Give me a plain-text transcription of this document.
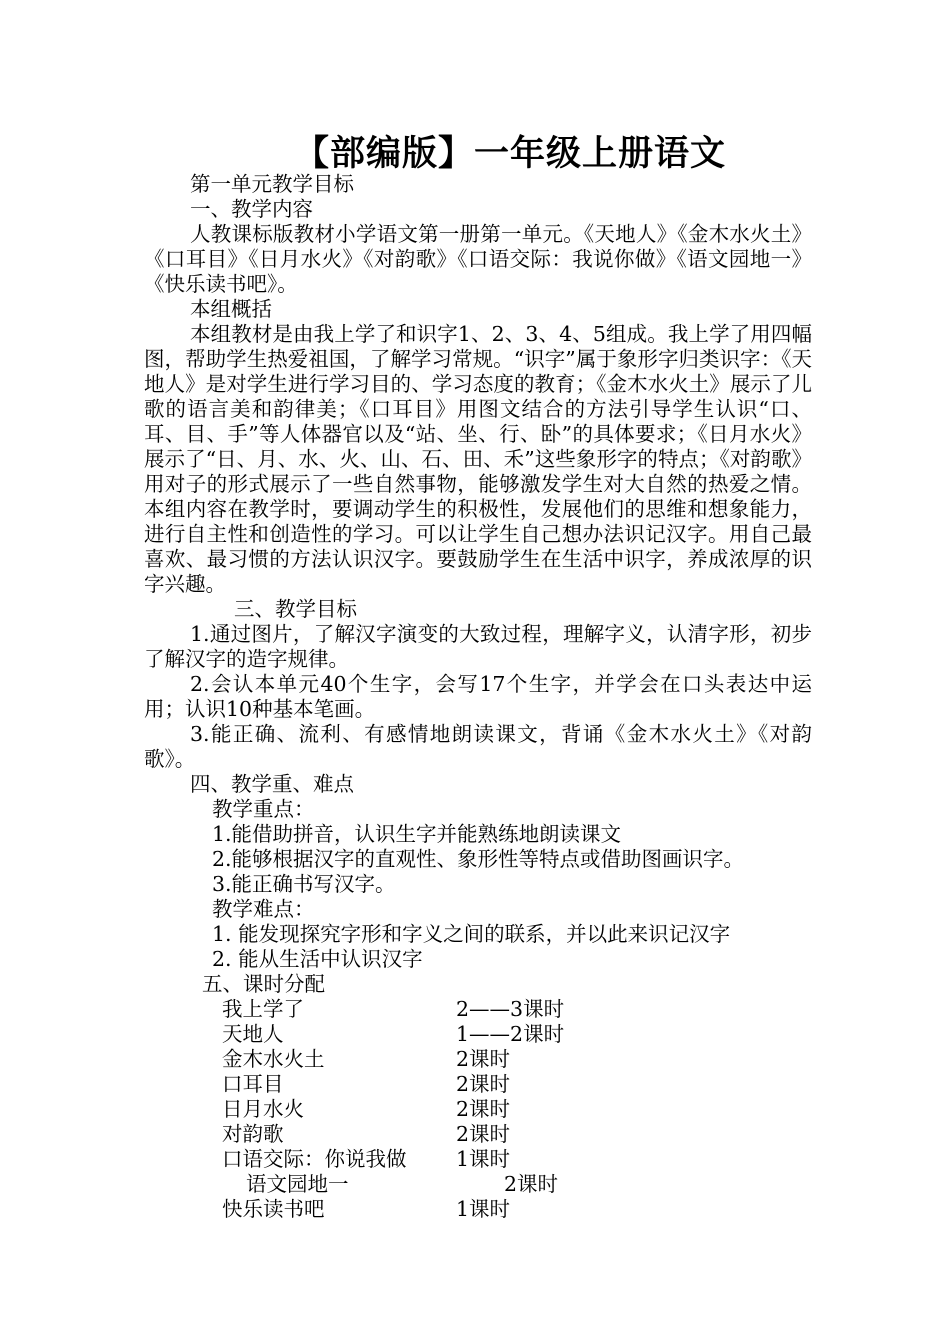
【部编版】一年级上册语文

第一单元教学目标

一、教学内容

人教课标版教材小学语文第一册第一单元。《天地人》《金木水火土》《口耳目》《日月水火》《对韵歌》《口语交际：我说你做》《语文园地一》《快乐读书吧》。

本组概括

本组教材是由我上学了和识字1、2、3、4、5组成。我上学了用四幅图，帮助学生热爱祖国，了解学习常规。“识字”属于象形字归类识字：《天地人》是对学生进行学习目的、学习态度的教育；《金木水火土》展示了儿歌的语言美和韵律美；《口耳目》用图文结合的方法引导学生认识“口、耳、目、手”等人体器官以及“站、坐、行、卧”的具体要求；《日月水火》展示了“日、月、水、火、山、石、田、禾”这些象形字的特点；《对韵歌》用对子的形式展示了一些自然事物，能够激发学生对大自然的热爱之情。本组内容在教学时，要调动学生的积极性，发展他们的思维和想象能力，进行自主性和创造性的学习。可以让学生自己想办法识记汉字。用自己最喜欢、最习惯的方法认识汉字。要鼓励学生在生活中识字，养成浓厚的识字兴趣。

三、教学目标

1.通过图片，了解汉字演变的大致过程，理解字义，认清字形，初步了解汉字的造字规律。

2.会认本单元40个生字，会写17个生字，并学会在口头表达中运用；认识10种基本笔画。

3.能正确、流利、有感情地朗读课文，背诵《金木水火土》《对韵歌》。

四、教学重、难点

教学重点：

1.能借助拼音，认识生字并能熟练地朗读课文

2.能够根据汉字的直观性、象形性等特点或借助图画识字。

3.能正确书写汉字。

教学难点：

1. 能发现探究字形和字义之间的联系，并以此来识记汉字

2. 能从生活中认识汉字

五、课时分配

我上学了	2——3课时
天地人	1——2课时
金木水火土	2课时
口耳目	2课时
日月水火	2课时
对韵歌	2课时
口语交际：你说我做	1课时
语文园地一	2课时
快乐读书吧	1课时
